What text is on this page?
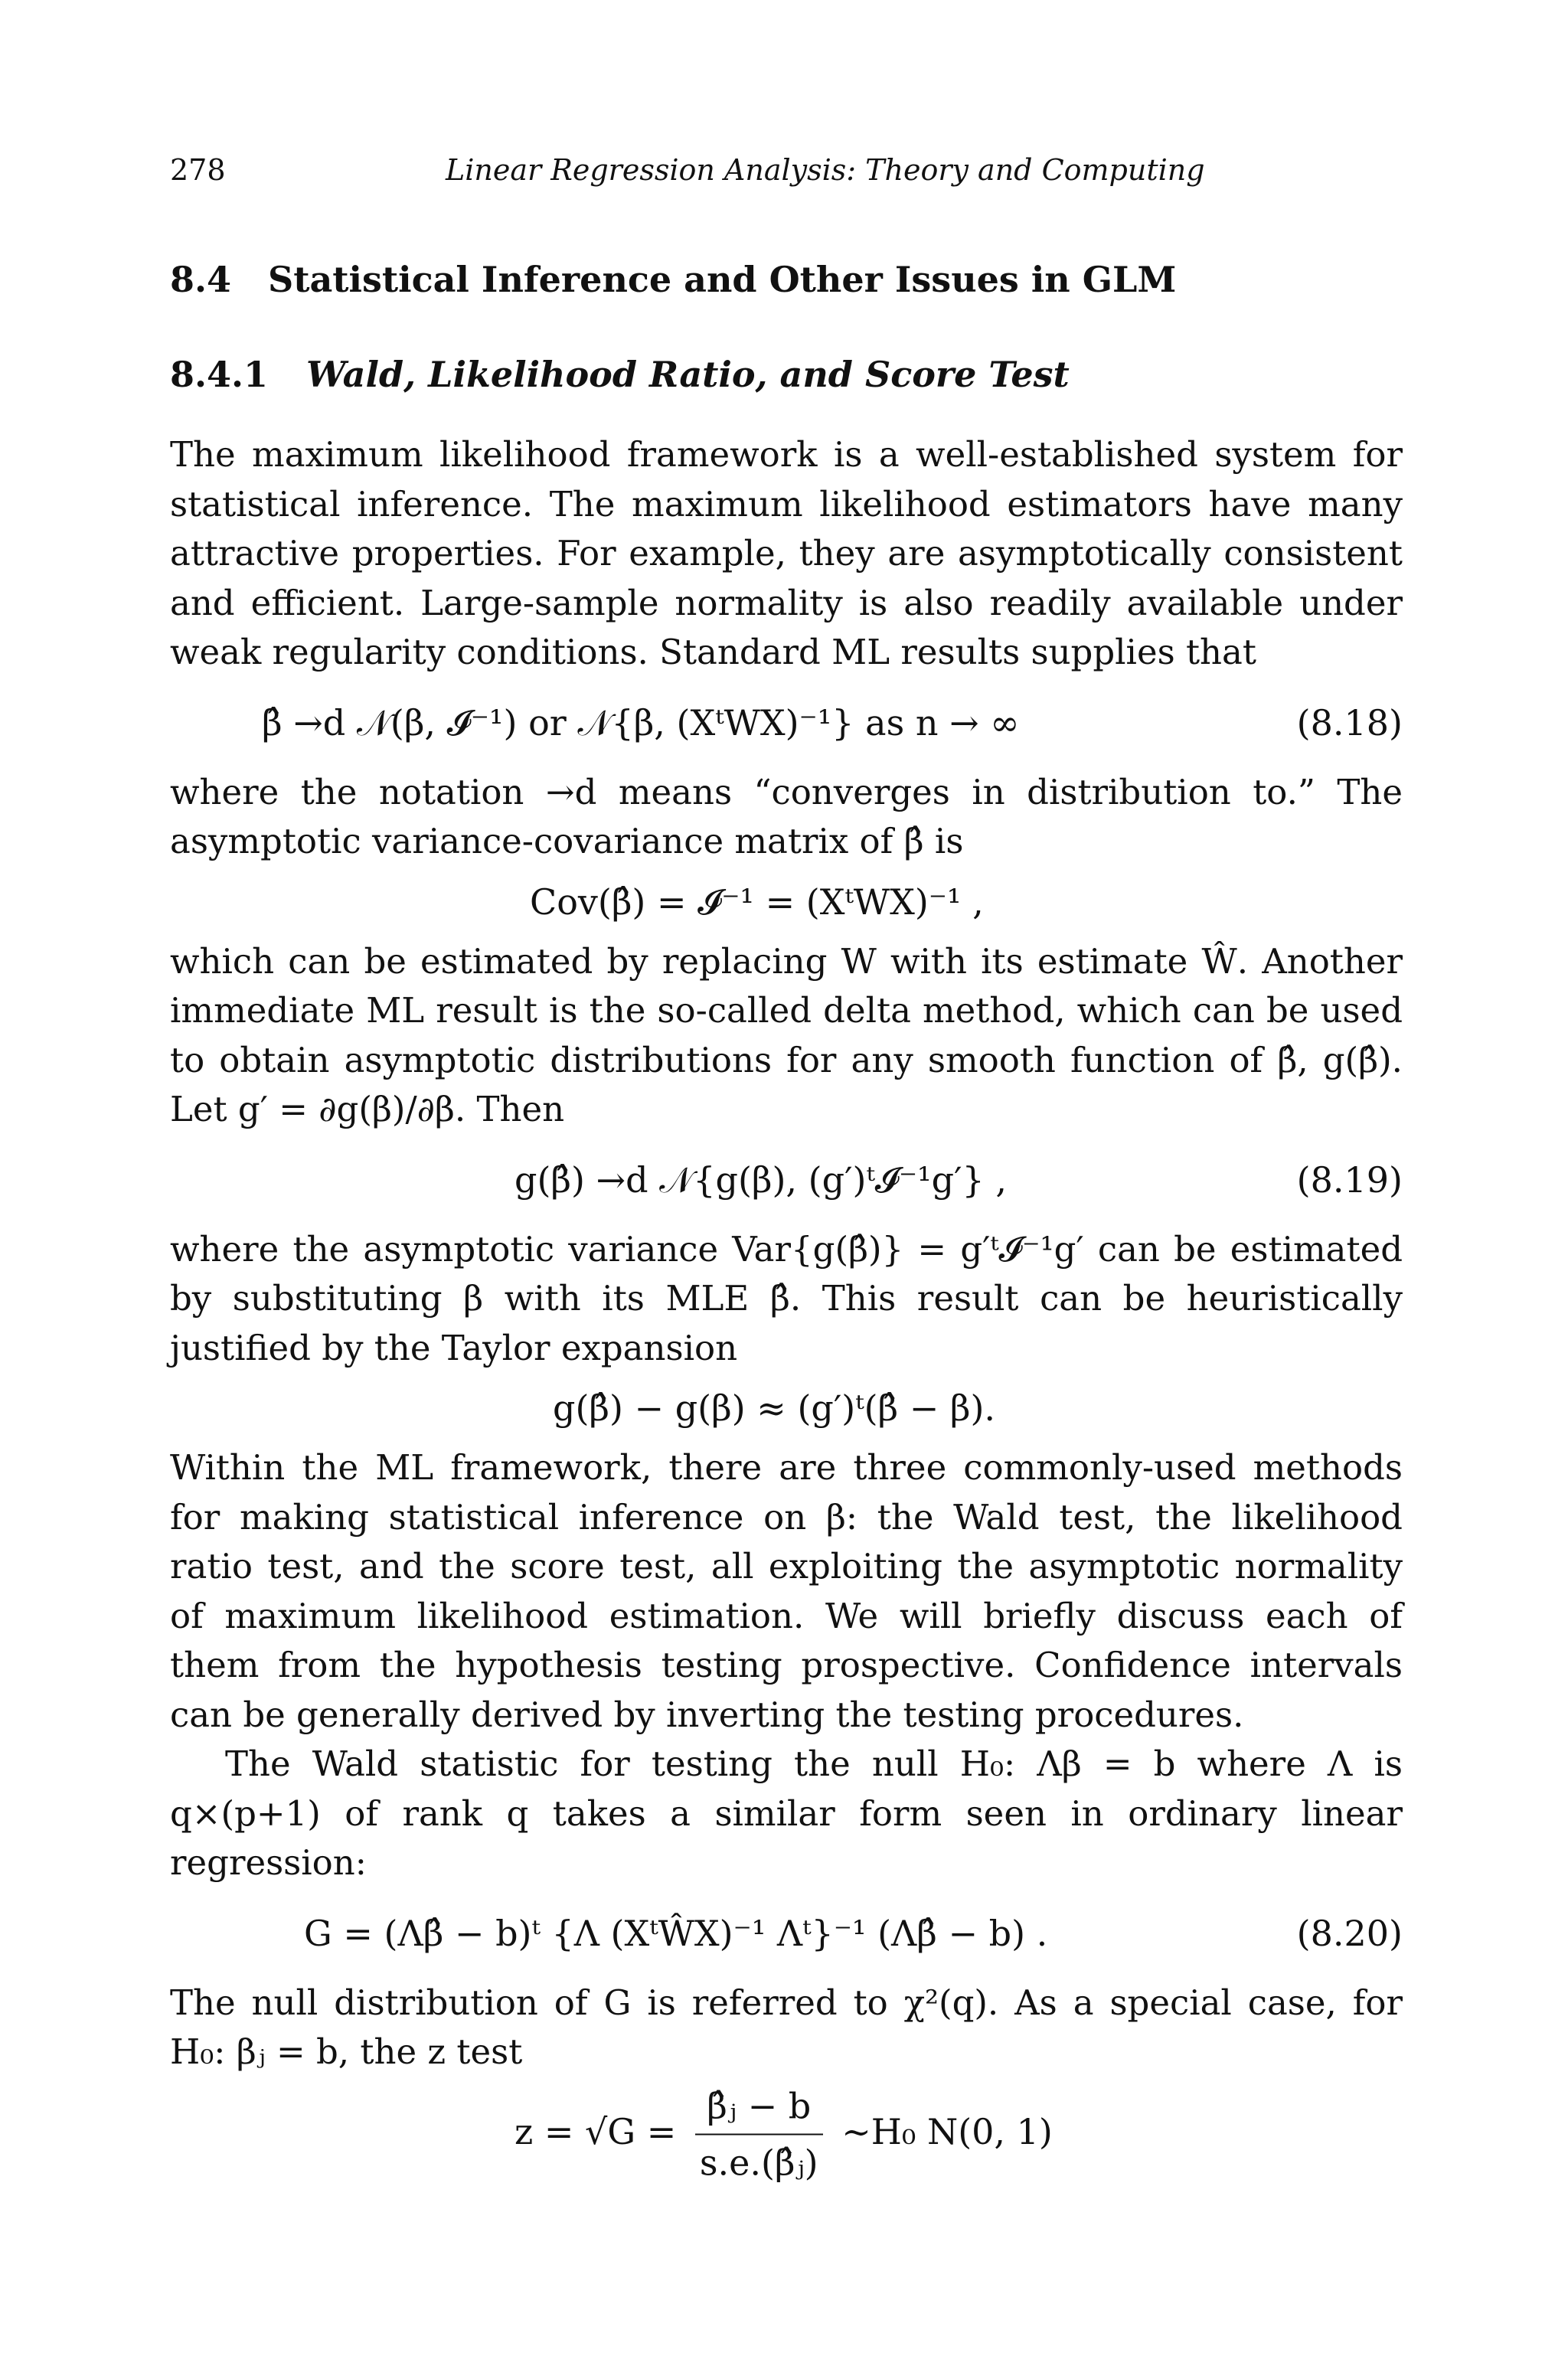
278	Linear Regression Analysis: Theory and Computing
8.4 Statistical Inference and Other Issues in GLM
8.4.1 Wald, Likelihood Ratio, and Score Test

The maximum likelihood framework is a well-established system for statistical inference. The maximum likelihood estimators have many attractive properties. For example, they are asymptotically consistent and efficient. Large-sample normality is also readily available under weak regularity conditions. Standard ML results supplies that

β̂ →d 𝒩(β, 𝓘⁻¹) or 𝒩{β, (XᵗWX)⁻¹} as n → ∞	(8.18)

where the notation →d means “converges in distribution to.” The asymptotic variance-covariance matrix of β̂ is

Cov(β̂) = 𝓘⁻¹ = (XᵗWX)⁻¹ ,

which can be estimated by replacing W with its estimate Ŵ. Another immediate ML result is the so-called delta method, which can be used to obtain asymptotic distributions for any smooth function of β̂, g(β̂). Let g′ = ∂g(β)/∂β. Then

g(β̂) →d 𝒩{g(β), (g′)ᵗ𝓘⁻¹g′} ,	(8.19)

where the asymptotic variance Var{g(β̂)} = g′ᵗ𝓘⁻¹g′ can be estimated by substituting β with its MLE β̂. This result can be heuristically justified by the Taylor expansion

g(β̂) − g(β) ≈ (g′)ᵗ(β̂ − β).

Within the ML framework, there are three commonly-used methods for making statistical inference on β: the Wald test, the likelihood ratio test, and the score test, all exploiting the asymptotic normality of maximum likelihood estimation. We will briefly discuss each of them from the hypothesis testing prospective. Confidence intervals can be generally derived by inverting the testing procedures.

The Wald statistic for testing the null H₀: Λβ = b where Λ is q×(p+1) of rank q takes a similar form seen in ordinary linear regression:

G = (Λβ̂ − b)ᵗ {Λ (XᵗŴX)⁻¹ Λᵗ}⁻¹ (Λβ̂ − b) .	(8.20)

The null distribution of G is referred to χ²(q). As a special case, for H₀: βⱼ = b, the z test

$z = √G = \frac{\text{β̂ⱼ − b}}{\text{s.e.(β̂ⱼ)}}$ ∼H₀ N(0, 1)
